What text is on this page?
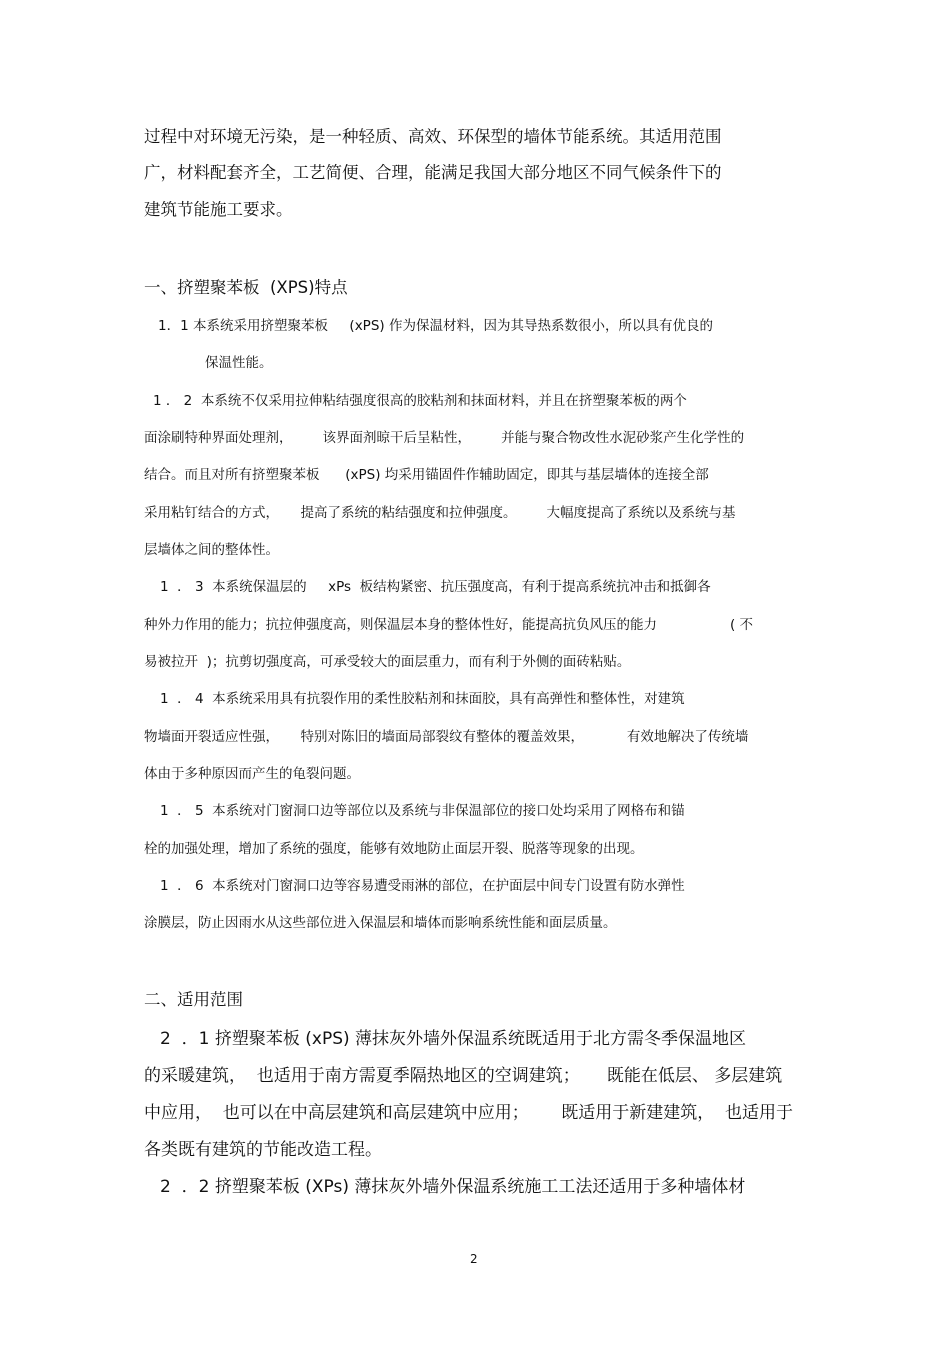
过程中对环境无污染，是一种轻质、高效、环保型的墙体节能系统。其适用范围
广，材料配套齐全，工艺简便、合理，能满足我国大部分地区不同气候条件下的
建筑节能施工要求。
一、挤塑聚苯板  (XPS)特点
1．1 本系统采用挤塑聚苯板     (xPS) 作为保温材料，因为其导热系数很小，所以具有优良的
保温性能。
1 ． 2  本系统不仅采用拉伸粘结强度很高的胶粘剂和抹面材料，并且在挤塑聚苯板的两个
面涂刷特种界面处理剂，       该界面剂晾干后呈粘性，       并能与聚合物改性水泥砂浆产生化学性的
结合。而且对所有挤塑聚苯板      (xPS) 均采用锚固件作辅助固定，即其与基层墙体的连接全部
采用粘钉结合的方式，     提高了系统的粘结强度和拉伸强度。       大幅度提高了系统以及系统与基
层墙体之间的整体性。
1  ． 3  本系统保温层的     xPs  板结构紧密、抗压强度高，有利于提高系统抗冲击和抵御各
种外力作用的能力；抗拉伸强度高，则保温层本身的整体性好，能提高抗负风压的能力                 ( 不
易被拉开  )；抗剪切强度高，可承受较大的面层重力，而有利于外侧的面砖粘贴。
1  ． 4  本系统采用具有抗裂作用的柔性胶粘剂和抹面胶，具有高弹性和整体性，对建筑
物墙面开裂适应性强，     特别对陈旧的墙面局部裂纹有整体的覆盖效果，          有效地解决了传统墙
体由于多种原因而产生的龟裂问题。
1  ． 5  本系统对门窗洞口边等部位以及系统与非保温部位的接口处均采用了网格布和锚
栓的加强处理，增加了系统的强度，能够有效地防止面层开裂、脱落等现象的出现。
1  ． 6  本系统对门窗洞口边等容易遭受雨淋的部位，在护面层中间专门设置有防水弹性
涂膜层，防止因雨水从这些部位进入保温层和墙体而影响系统性能和面层质量。
二、适用范围
2  ．1 挤塑聚苯板 (xPS) 薄抹灰外墙外保温系统既适用于北方需冬季保温地区
的采暖建筑，  也适用于南方需夏季隔热地区的空调建筑；     既能在低层、 多层建筑
中应用，  也可以在中高层建筑和高层建筑中应用；      既适用于新建建筑，  也适用于
各类既有建筑的节能改造工程。
2  ．2 挤塑聚苯板 (XPs) 薄抹灰外墙外保温系统施工工法还适用于多种墙体材
2
